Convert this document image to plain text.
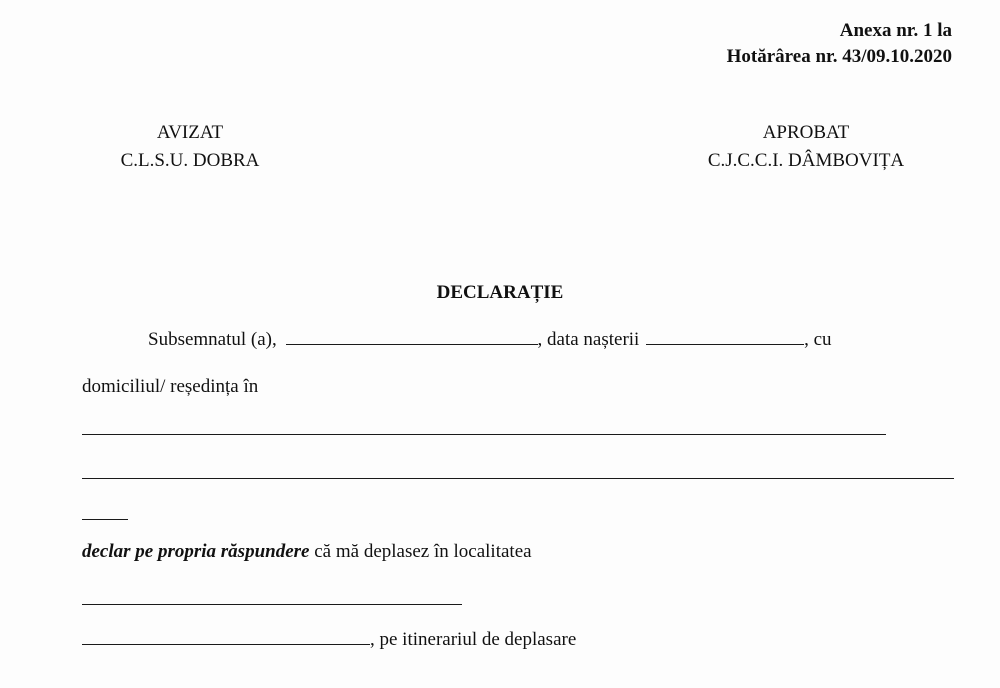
Anexa nr. 1 la
Hotărârea nr. 43/09.10.2020
AVIZAT
C.L.S.U. DOBRA
APROBAT
C.J.C.C.I. DÂMBOVIȚA
DECLARAȚIE
Subsemnatul (a),	, data nașterii	, cu
domiciliul/ reședința în
declar pe propria răspundere că mă deplasez în localitatea
, pe itinerariul de deplasare
